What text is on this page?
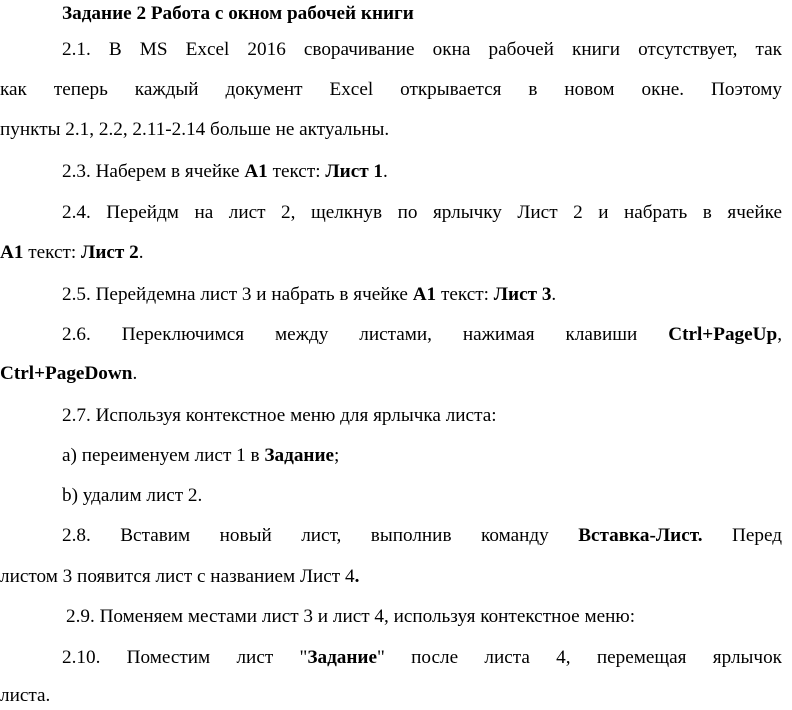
Задание 2 Работа с окном рабочей книги
2.1. В MS Excel 2016 сворачивание окна рабочей книги отсутствует, так
как теперь каждый документ Excel открывается в новом окне. Поэтому
пункты 2.1, 2.2, 2.11-2.14 больше не актуальны.
2.3. Наберем в ячейке А1 текст: Лист 1.
2.4. Перейдм на лист 2, щелкнув по ярлычку Лист 2 и набрать в ячейке
А1 текст: Лист 2.
2.5. Перейдемна лист 3 и набрать в ячейке А1 текст: Лист 3.
2.6. Переключимся между листами, нажимая клавиши Ctrl+PageUp,
Ctrl+PageDown.
2.7. Используя контекстное меню для ярлычка листа:
а) переименуем лист 1 в Задание;
b) удалим лист 2.
2.8. Вставим новый лист, выполнив команду Вставка-Лист. Перед
листом 3 появится лист с названием Лист 4.
2.9. Поменяем местами лист 3 и лист 4, используя контекстное меню:
2.10. Поместим лист "Задание" после листа 4, перемещая ярлычок
листа.
